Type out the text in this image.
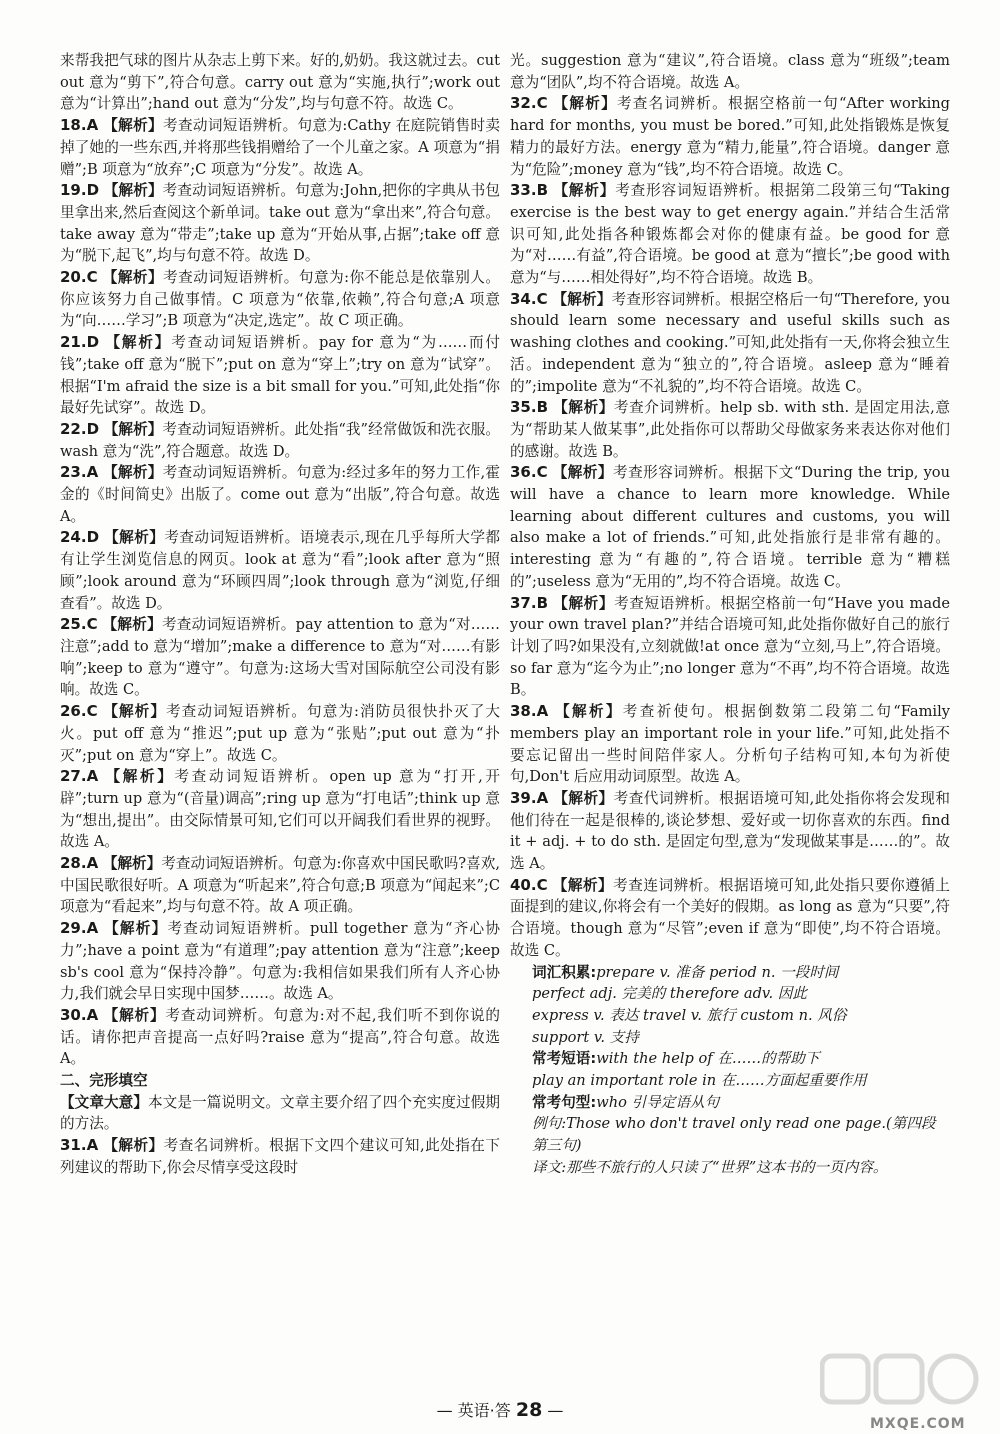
来帮我把气球的图片从杂志上剪下来。好的,奶奶。我这就过去。cut out 意为“剪下”,符合句意。carry out 意为“实施,执行”;work out 意为“计算出”;hand out 意为“分发”,均与句意不符。故选 C。

18.A 【解析】考查动词短语辨析。句意为:Cathy 在庭院销售时卖掉了她的一些东西,并将那些钱捐赠给了一个儿童之家。A 项意为“捐赠”;B 项意为“放弃”;C 项意为“分发”。故选 A。

19.D 【解析】考查动词短语辨析。句意为:John,把你的字典从书包里拿出来,然后查阅这个新单词。take out 意为“拿出来”,符合句意。take away 意为“带走”;take up 意为“开始从事,占据”;take off 意为“脱下,起飞”,均与句意不符。故选 D。

20.C 【解析】考查动词短语辨析。句意为:你不能总是依靠别人。你应该努力自己做事情。C 项意为“依靠,依赖”,符合句意;A 项意为“向……学习”;B 项意为“决定,选定”。故 C 项正确。

21.D 【解析】考查动词短语辨析。pay for 意为“为……而付钱”;take off 意为“脱下”;put on 意为“穿上”;try on 意为“试穿”。根据“I'm afraid the size is a bit small for you.”可知,此处指“你最好先试穿”。故选 D。

22.D 【解析】考查动词短语辨析。此处指“我”经常做饭和洗衣服。wash 意为“洗”,符合题意。故选 D。

23.A 【解析】考查动词短语辨析。句意为:经过多年的努力工作,霍金的《时间简史》出版了。come out 意为“出版”,符合句意。故选 A。

24.D 【解析】考查动词短语辨析。语境表示,现在几乎每所大学都有让学生浏览信息的网页。look at 意为“看”;look after 意为“照顾”;look around 意为“环顾四周”;look through 意为“浏览,仔细查看”。故选 D。

25.C 【解析】考查动词短语辨析。pay attention to 意为“对……注意”;add to 意为“增加”;make a difference to 意为“对……有影响”;keep to 意为“遵守”。句意为:这场大雪对国际航空公司没有影响。故选 C。

26.C 【解析】考查动词短语辨析。句意为:消防员很快扑灭了大火。put off 意为“推迟”;put up 意为“张贴”;put out 意为“扑灭”;put on 意为“穿上”。故选 C。

27.A 【解析】考查动词短语辨析。open up 意为“打开,开辟”;turn up 意为“(音量)调高”;ring up 意为“打电话”;think up 意为“想出,提出”。由交际情景可知,它们可以开阔我们看世界的视野。故选 A。

28.A 【解析】考查动词短语辨析。句意为:你喜欢中国民歌吗?喜欢,中国民歌很好听。A 项意为“听起来”,符合句意;B 项意为“闻起来”;C 项意为“看起来”,均与句意不符。故 A 项正确。

29.A 【解析】考查动词短语辨析。pull together 意为“齐心协力”;have a point 意为“有道理”;pay attention 意为“注意”;keep sb's cool 意为“保持冷静”。句意为:我相信如果我们所有人齐心协力,我们就会早日实现中国梦……。故选 A。

30.A 【解析】考查动词辨析。句意为:对不起,我们听不到你说的话。请你把声音提高一点好吗?raise 意为“提高”,符合句意。故选 A。

二、完形填空

【文章大意】本文是一篇说明文。文章主要介绍了四个充实度过假期的方法。

31.A 【解析】考查名词辨析。根据下文四个建议可知,此处指在下列建议的帮助下,你会尽情享受这段时

光。suggestion 意为“建议”,符合语境。class 意为“班级”;team 意为“团队”,均不符合语境。故选 A。

32.C 【解析】考查名词辨析。根据空格前一句“After working hard for months, you must be bored.”可知,此处指锻炼是恢复精力的最好方法。energy 意为“精力,能量”,符合语境。danger 意为“危险”;money 意为“钱”,均不符合语境。故选 C。

33.B 【解析】考查形容词短语辨析。根据第二段第三句“Taking exercise is the best way to get energy again.”并结合生活常识可知,此处指各种锻炼都会对你的健康有益。be good for 意为“对……有益”,符合语境。be good at 意为“擅长”;be good with 意为“与……相处得好”,均不符合语境。故选 B。

34.C 【解析】考查形容词辨析。根据空格后一句“Therefore, you should learn some necessary and useful skills such as washing clothes and cooking.”可知,此处指有一天,你将会独立生活。independent 意为“独立的”,符合语境。asleep 意为“睡着的”;impolite 意为“不礼貌的”,均不符合语境。故选 C。

35.B 【解析】考查介词辨析。help sb. with sth. 是固定用法,意为“帮助某人做某事”,此处指你可以帮助父母做家务来表达你对他们的感谢。故选 B。

36.C 【解析】考查形容词辨析。根据下文“During the trip, you will have a chance to learn more knowledge. While learning about different cultures and customs, you will also make a lot of friends.”可知,此处指旅行是非常有趣的。interesting 意为“有趣的”,符合语境。terrible 意为“糟糕的”;useless 意为“无用的”,均不符合语境。故选 C。

37.B 【解析】考查短语辨析。根据空格前一句“Have you made your own travel plan?”并结合语境可知,此处指你做好自己的旅行计划了吗?如果没有,立刻就做!at once 意为“立刻,马上”,符合语境。so far 意为“迄今为止”;no longer 意为“不再”,均不符合语境。故选 B。

38.A 【解析】考查祈使句。根据倒数第二段第二句“Family members play an important role in your life.”可知,此处指不要忘记留出一些时间陪伴家人。分析句子结构可知,本句为祈使句,Don't 后应用动词原型。故选 A。

39.A 【解析】考查代词辨析。根据语境可知,此处指你将会发现和他们待在一起是很棒的,谈论梦想、爱好或一切你喜欢的东西。find it + adj. + to do sth. 是固定句型,意为“发现做某事是……的”。故选 A。

40.C 【解析】考查连词辨析。根据语境可知,此处指只要你遵循上面提到的建议,你将会有一个美好的假期。as long as 意为“只要”,符合语境。though 意为“尽管”;even if 意为“即使”,均不符合语境。故选 C。

词汇积累:prepare v. 准备 period n. 一段时间

perfect adj. 完美的 therefore adv. 因此

express v. 表达 travel v. 旅行 custom n. 风俗

support v. 支持

常考短语:with the help of 在……的帮助下

play an important role in 在……方面起重要作用

常考句型:who 引导定语从句

例句:Those who don't travel only read one page.(第四段第三句)

译文:那些不旅行的人只读了“世界”这本书的一页内容。

— 英语·答 28 —
MXQE.COM
